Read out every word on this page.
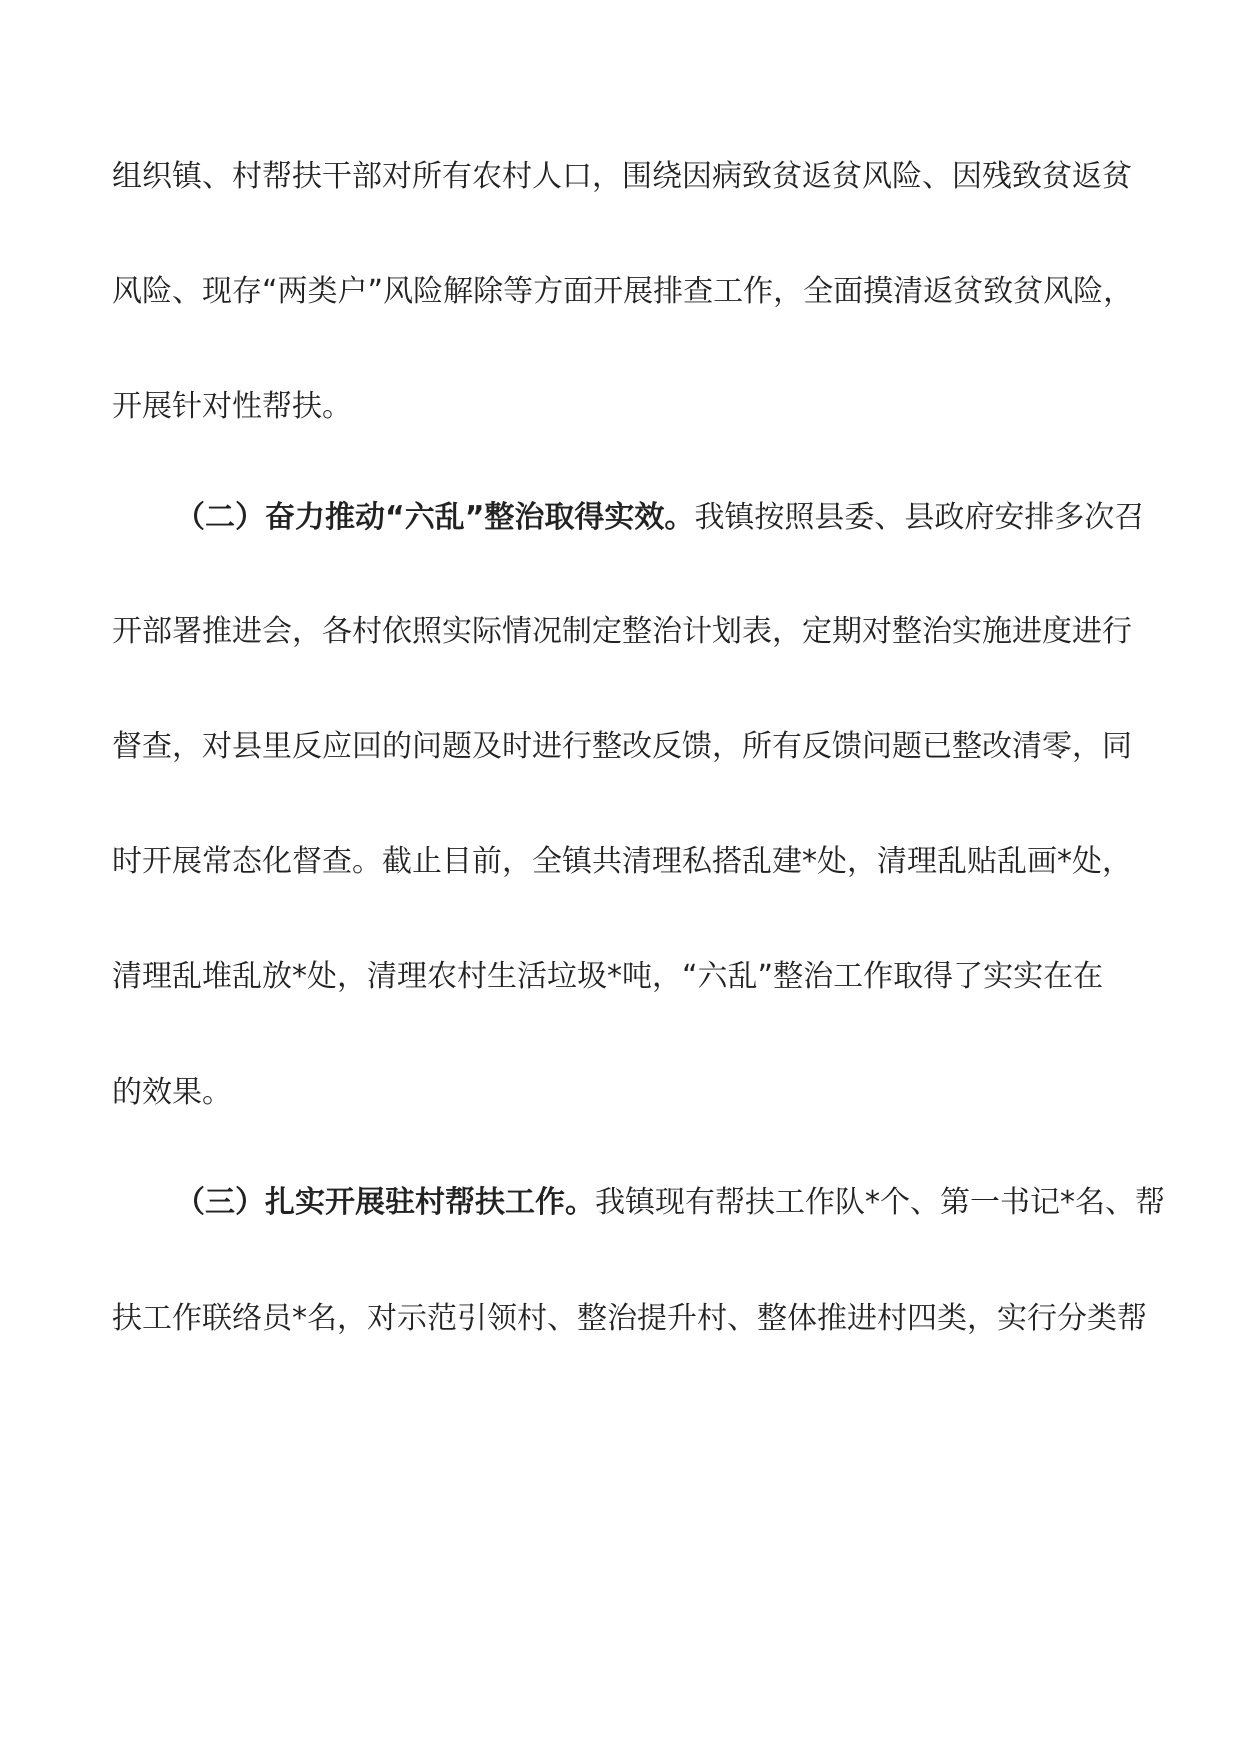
组织镇、村帮扶干部对所有农村人口，围绕因病致贫返贫风险、因残致贫返贫
风险、现存“两类户”风险解除等方面开展排查工作，全面摸清返贫致贫风险，
开展针对性帮扶。
（二）奋力推动“六乱”整治取得实效。我镇按照县委、县政府安排多次召
开部署推进会，各村依照实际情况制定整治计划表，定期对整治实施进度进行
督查，对县里反应回的问题及时进行整改反馈，所有反馈问题已整改清零，同
时开展常态化督查。截止目前，全镇共清理私搭乱建*处，清理乱贴乱画*处，
清理乱堆乱放*处，清理农村生活垃圾*吨，“六乱”整治工作取得了实实在在
的效果。
（三）扎实开展驻村帮扶工作。我镇现有帮扶工作队*个、第一书记*名、帮
扶工作联络员*名，对示范引领村、整治提升村、整体推进村四类，实行分类帮
